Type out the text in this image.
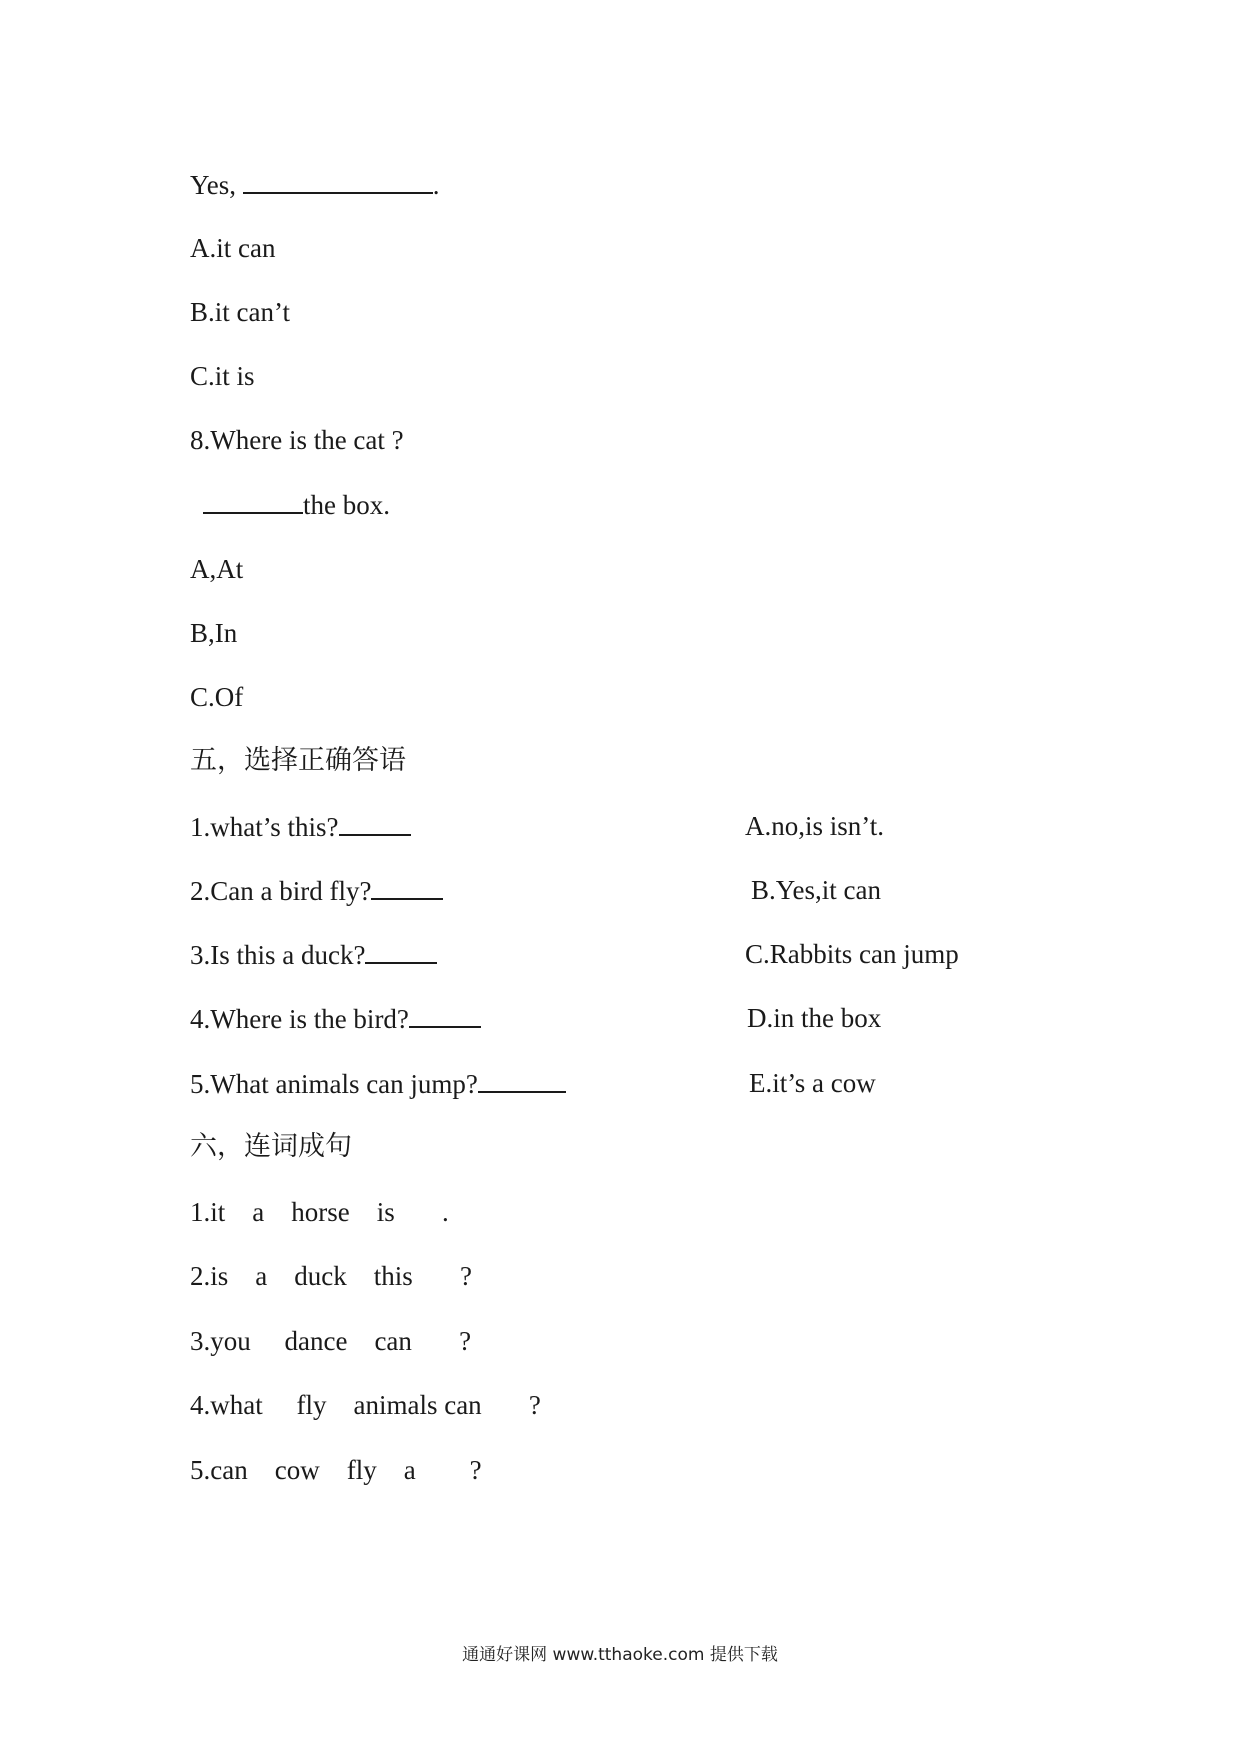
Yes,	.
A.it can
B.it can’t
C.it is
8.Where is the cat ?
the box.
A,At
B,In
C.Of
五，选择正确答语
1.what’s this?
2.Can a bird fly?
3.Is this a duck?
4.Where is the bird?
5.What animals can jump?
A.no,is isn’t.
B.Yes,it can
C.Rabbits can jump
D.in the box
E.it’s a cow
六，连词成句
1.it    a    horse    is       .
2.is    a    duck    this       ?
3.you     dance    can       ?
4.what     fly    animals can       ?
5.can    cow    fly    a        ?
通通好课网 www.tthaoke.com 提供下载
